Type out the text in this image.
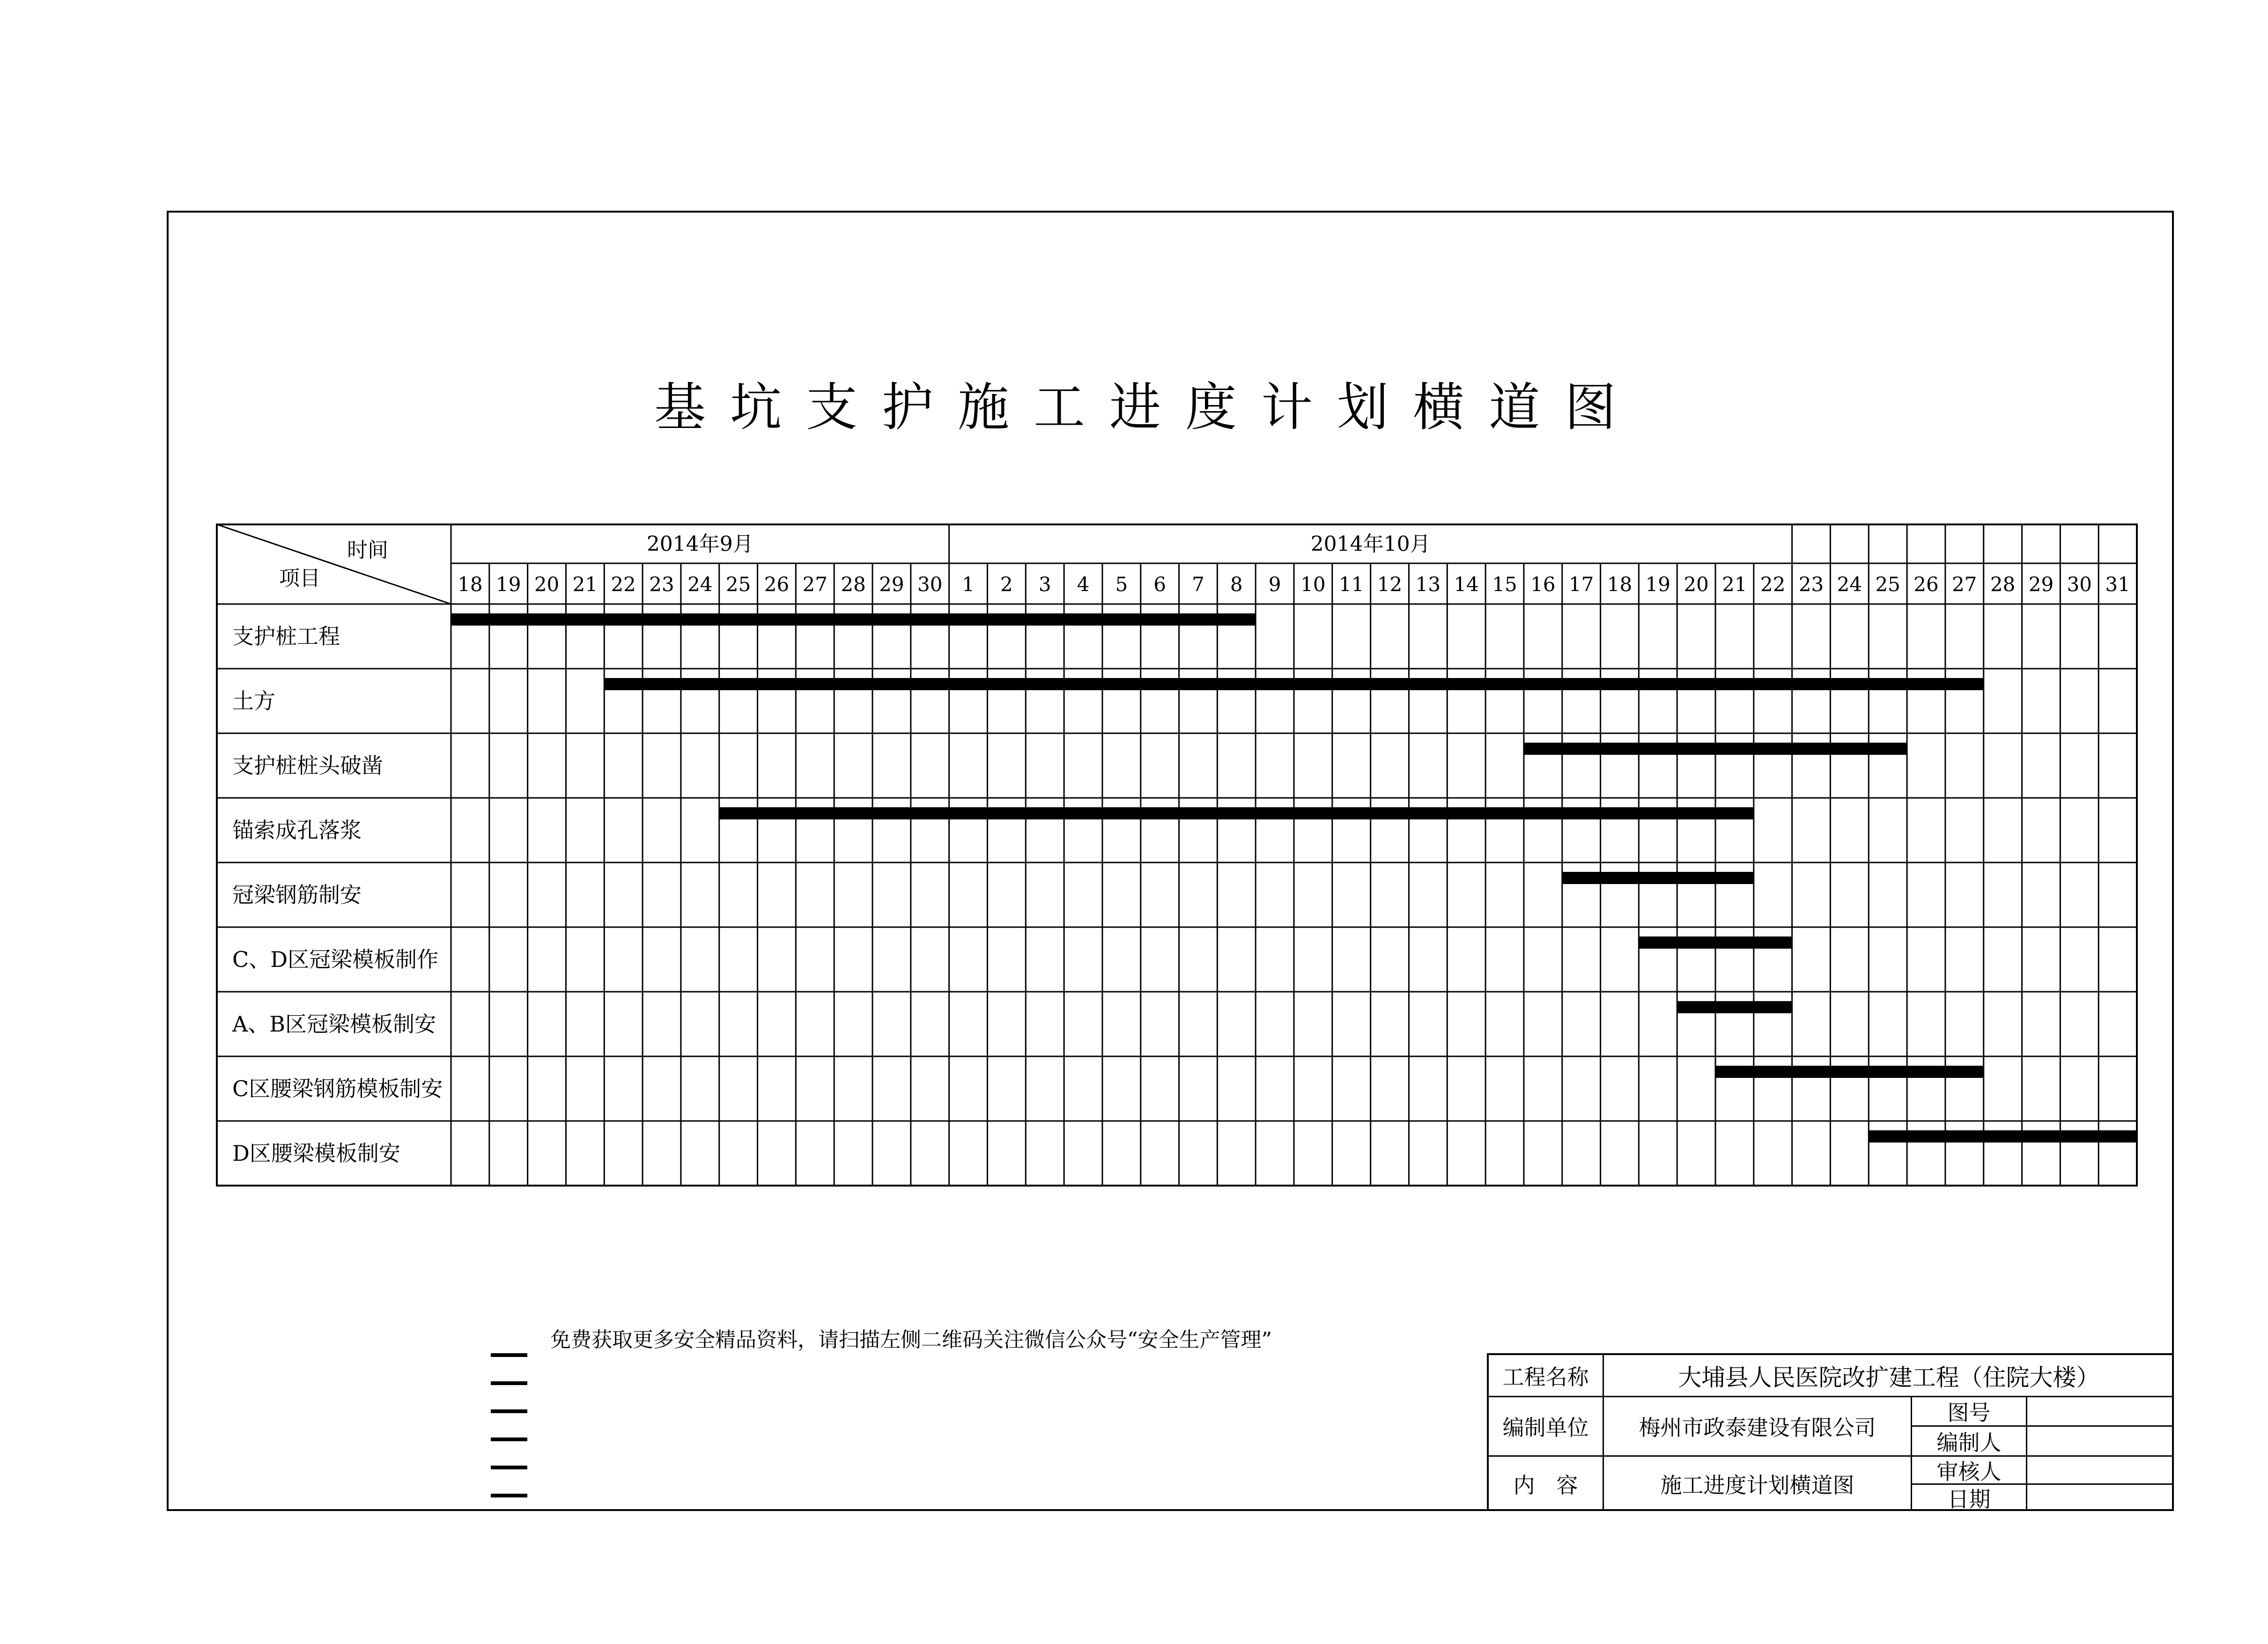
基坑支护施工进度计划横道图
时间
项目
2014年9月	2014年10月
18 19 20 21 22 23 24 25 26 27 28 29 30 1 2 3 4 5 6 7 8 9 10 11 12 13 14 15 16 17 18 19 20 21 22 23 24 25 26 27 28 29 30 31
支护桩工程
土方
支护桩桩头破凿
锚索成孔落浆
冠梁钢筋制安
C、D区冠梁模板制作
A、B区冠梁模板制安
C区腰梁钢筋模板制安
D区腰梁模板制安
免费获取更多安全精品资料，请扫描左侧二维码关注微信公众号“安全生产管理”
工程名称	大埔县人民医院改扩建工程（住院大楼）
编制单位	梅州市政泰建设有限公司
内　容	施工进度计划横道图
图号
编制人
审核人
日期
